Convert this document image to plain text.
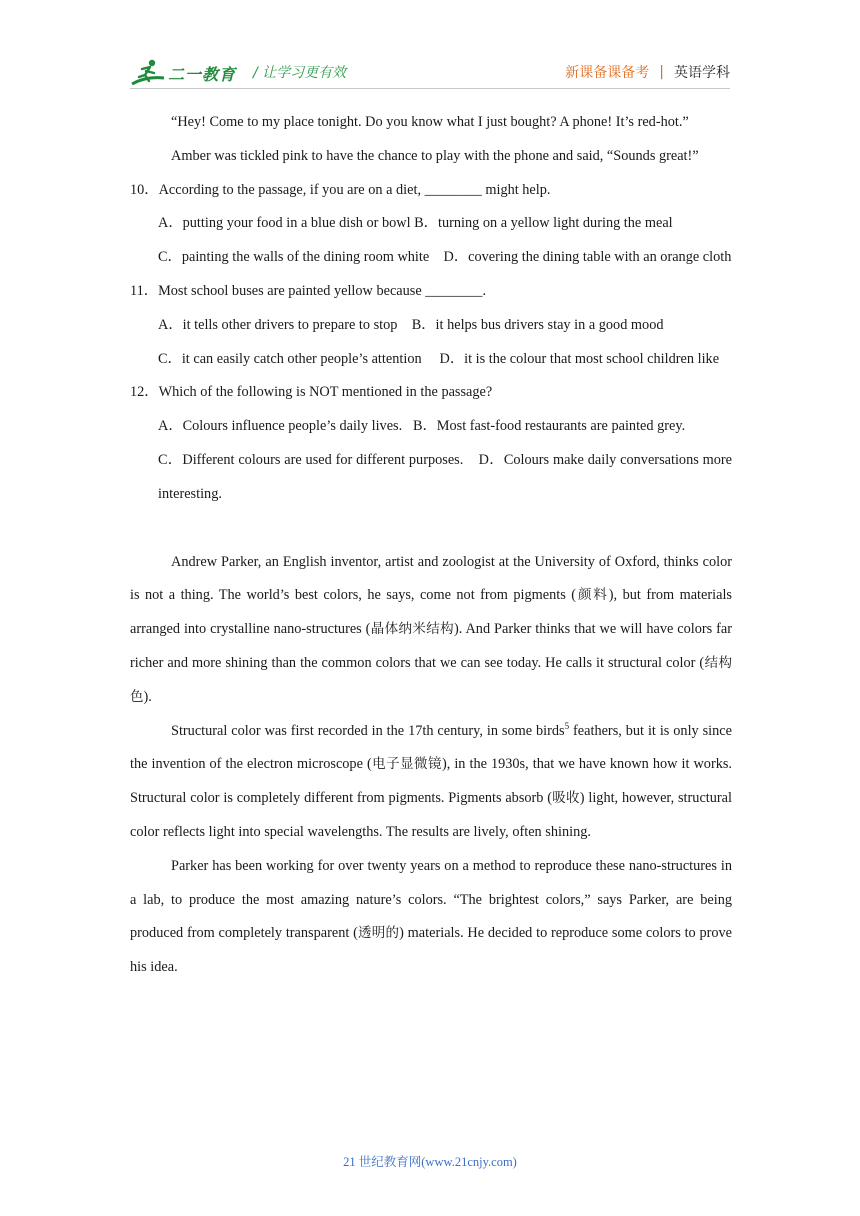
二一教育 / 让学习更有效	新课备课备考 | 英语学科

“Hey! Come to my place tonight. Do you know what I just bought? A phone! It’s red-hot.”

Amber was tickled pink to have the chance to play with the phone and said, “Sounds great!”

10．According to the passage, if you are on a diet, ________ might help.

A．putting your food in a blue dish or bowl B．turning on a yellow light during the meal

C．painting the walls of the dining room white D．covering the dining table with an orange cloth

11．Most school buses are painted yellow because ________.

A．it tells other drivers to prepare to stop B．it helps bus drivers stay in a good mood

C．it can easily catch other people’s attention D．it is the colour that most school children like

12．Which of the following is NOT mentioned in the passage?

A．Colours influence people’s daily lives. B．Most fast-food restaurants are painted grey.

C．Different colours are used for different purposes. D．Colours make daily conversations more interesting.

Andrew Parker, an English inventor, artist and zoologist at the University of Oxford, thinks color is not a thing. The world’s best colors, he says, come not from pigments (颜料), but from materials arranged into crystalline nano-structures (晶体纳米结构). And Parker thinks that we will have colors far richer and more shining than the common colors that we can see today. He calls it structural color (结构色).

Structural color was first recorded in the 17th century, in some birds$^5$ feathers, but it is only since the invention of the electron microscope (电子显微镜), in the 1930s, that we have known how it works. Structural color is completely different from pigments. Pigments absorb (吸收) light, however, structural color reflects light into special wavelengths. The results are lively, often shining.

Parker has been working for over twenty years on a method to reproduce these nano-structures in a lab, to produce the most amazing nature’s colors. “The brightest colors,” says Parker, are being produced from completely transparent (透明的) materials. He decided to reproduce some colors to prove his idea.

21 世纪教育网(www.21cnjy.com)
